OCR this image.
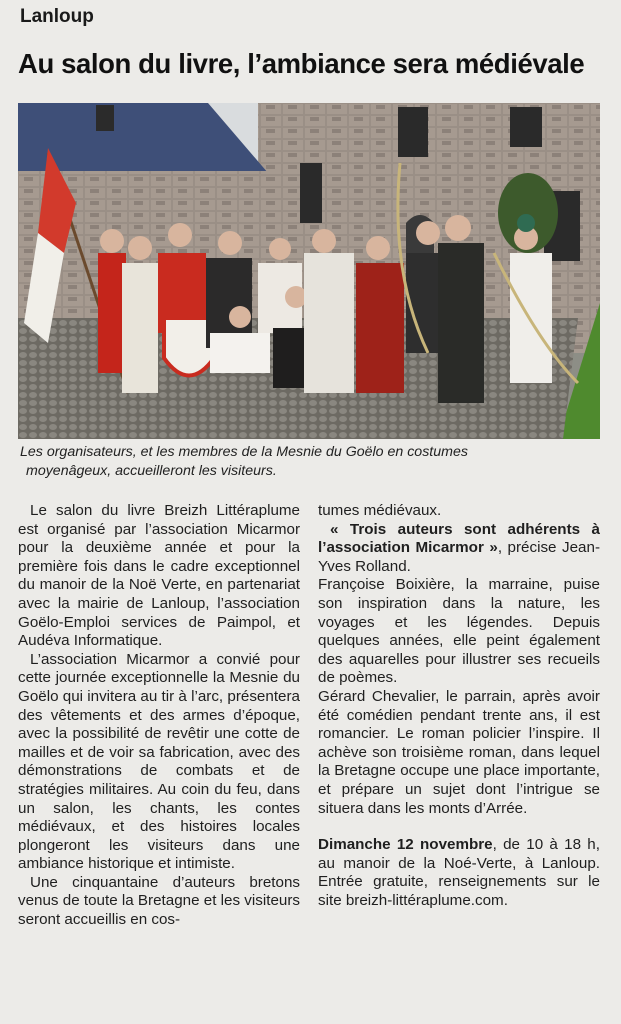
Lanloup
Au salon du livre, l’ambiance sera médiévale
Les organisateurs, et les membres de la Mesnie du Goëlo en costumes
moyenâgeux, accueilleront les visiteurs.

Le salon du livre Breizh Littéraplume est organisé par l’association Micarmor pour la deuxième année et pour la première fois dans le cadre exceptionnel du manoir de la Noë Verte, en partenariat avec la mairie de Lanloup, l’association Goëlo-Emploi services de Paimpol, et Audéva Informatique.

L’association Micarmor a convié pour cette journée exceptionnelle la Mesnie du Goëlo qui invitera au tir à l’arc, présentera des vêtements et des armes d’époque, avec la possibilité de revêtir une cotte de mailles et de voir sa fabrication, avec des démonstrations de combats et de stratégies militaires. Au coin du feu, dans un salon, les chants, les contes médiévaux, et des histoires locales plongeront les visiteurs dans une ambiance historique et intimiste.

Une cinquantaine d’auteurs bretons venus de toute la Bretagne et les visiteurs seront accueillis en cos-

tumes médiévaux.

« Trois auteurs sont adhérents à l’association Micarmor », précise Jean-Yves Rolland.

Françoise Boixière, la marraine, puise son inspiration dans la nature, les voyages et les légendes. Depuis quelques années, elle peint également des aquarelles pour illustrer ses recueils de poèmes.

Gérard Chevalier, le parrain, après avoir été comédien pendant trente ans, il est romancier. Le roman policier l’inspire. Il achève son troisième roman, dans lequel la Bretagne occupe une place importante, et prépare un sujet dont l’intrigue se situera dans les monts d’Arrée.

Dimanche 12 novembre, de 10 à 18 h, au manoir de la Noé-Verte, à Lanloup. Entrée gratuite, renseignements sur le site breizh-littéraplume.com.
